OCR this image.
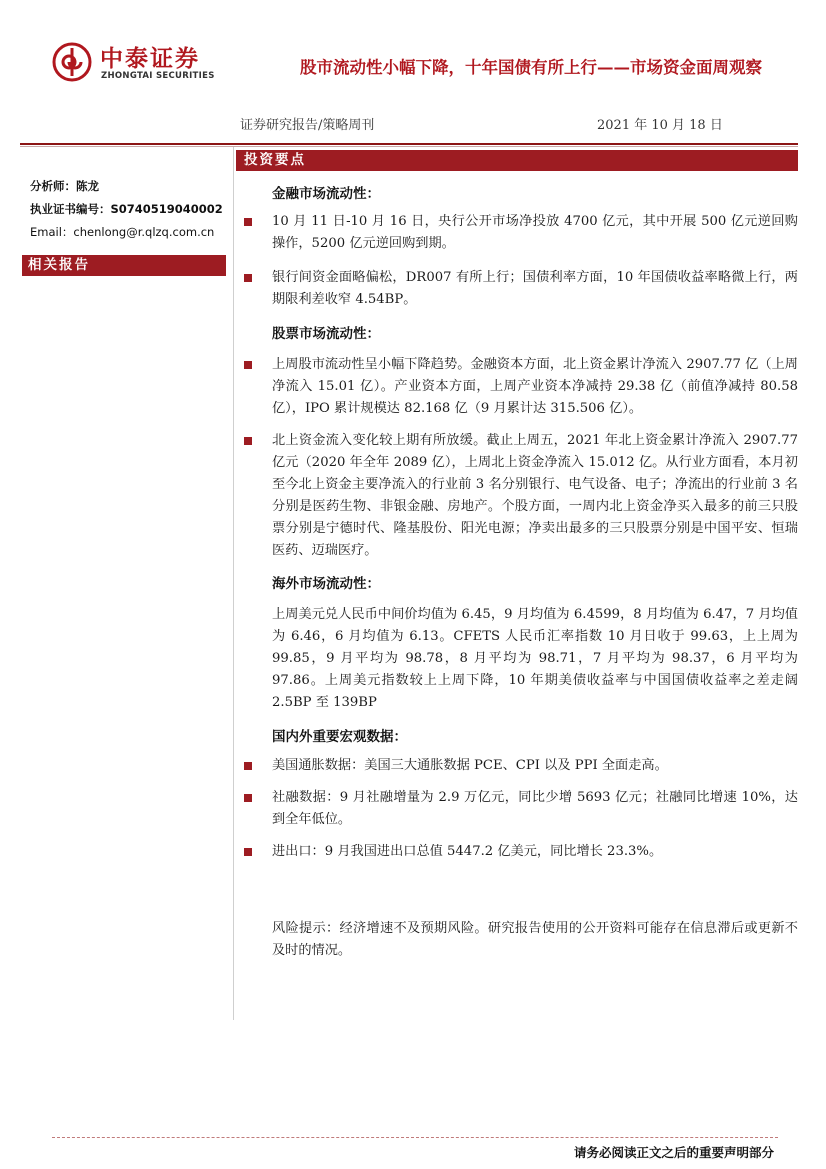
中泰证券
ZHONGTAI SECURITIES	股市流动性小幅下降，十年国债有所上行——市场资金面周观察
证券研究报告/策略周刊	2021 年 10 月 18 日
分析师：陈龙
执业证书编号：S0740519040002
Email：chenlong@r.qlzq.com.cn
相关报告
投资要点
金融市场流动性：
10 月 11 日-10 月 16 日，央行公开市场净投放 4700 亿元，其中开展 500 亿元逆回购操作，5200 亿元逆回购到期。
银行间资金面略偏松，DR007 有所上行；国债利率方面，10 年国债收益率略微上行，两期限利差收窄 4.54BP。
股票市场流动性：
上周股市流动性呈小幅下降趋势。金融资本方面，北上资金累计净流入 2907.77 亿（上周净流入 15.01 亿）。产业资本方面，上周产业资本净减持 29.38 亿（前值净减持 80.58 亿），IPO 累计规模达 82.168 亿（9 月累计达 315.506 亿）。
北上资金流入变化较上期有所放缓。截止上周五，2021 年北上资金累计净流入 2907.77 亿元（2020 年全年 2089 亿），上周北上资金净流入 15.012 亿。从行业方面看，本月初至今北上资金主要净流入的行业前 3 名分别银行、电气设备、电子；净流出的行业前 3 名分别是医药生物、非银金融、房地产。个股方面，一周内北上资金净买入最多的前三只股票分别是宁德时代、隆基股份、阳光电源；净卖出最多的三只股票分别是中国平安、恒瑞医药、迈瑞医疗。
海外市场流动性：
上周美元兑人民币中间价均值为 6.45，9 月均值为 6.4599，8 月均值为 6.47，7 月均值为 6.46，6 月均值为 6.13。CFETS 人民币汇率指数 10 月日收于 99.63，上上周为 99.85，9 月平均为 98.78，8 月平均为 98.71，7 月平均为 98.37，6 月平均为 97.86。上周美元指数较上上周下降，10 年期美债收益率与中国国债收益率之差走阔 2.5BP 至 139BP
国内外重要宏观数据：
美国通胀数据：美国三大通胀数据 PCE、CPI 以及 PPI 全面走高。
社融数据：9 月社融增量为 2.9 万亿元，同比少增 5693 亿元；社融同比增速 10%，达到全年低位。
进出口：9 月我国进出口总值 5447.2 亿美元，同比增长 23.3%。
风险提示：经济增速不及预期风险。研究报告使用的公开资料可能存在信息滞后或更新不及时的情况。
请务必阅读正文之后的重要声明部分
